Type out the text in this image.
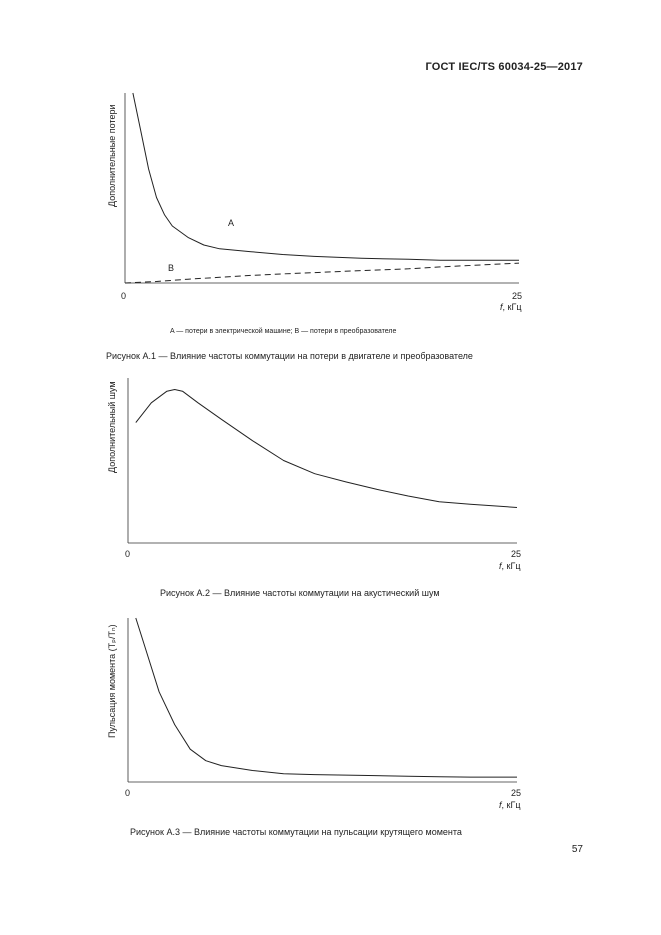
ГОСТ IEC/TS 60034-25—2017
Дополнительные потери
0	25
f, кГц
A
B
A — потери в электрической машине; B — потери в преобразователе
Рисунок А.1 — Влияние частоты коммутации на потери в двигателе и преобразователе
Дополнительный шум
0	25
f, кГц
Рисунок А.2 — Влияние частоты коммутации на акустический шум
Пульсация момента (Tₚ/Tₙ)
0	25
f, кГц
Рисунок А.3 — Влияние частоты коммутации на пульсации крутящего момента
57
